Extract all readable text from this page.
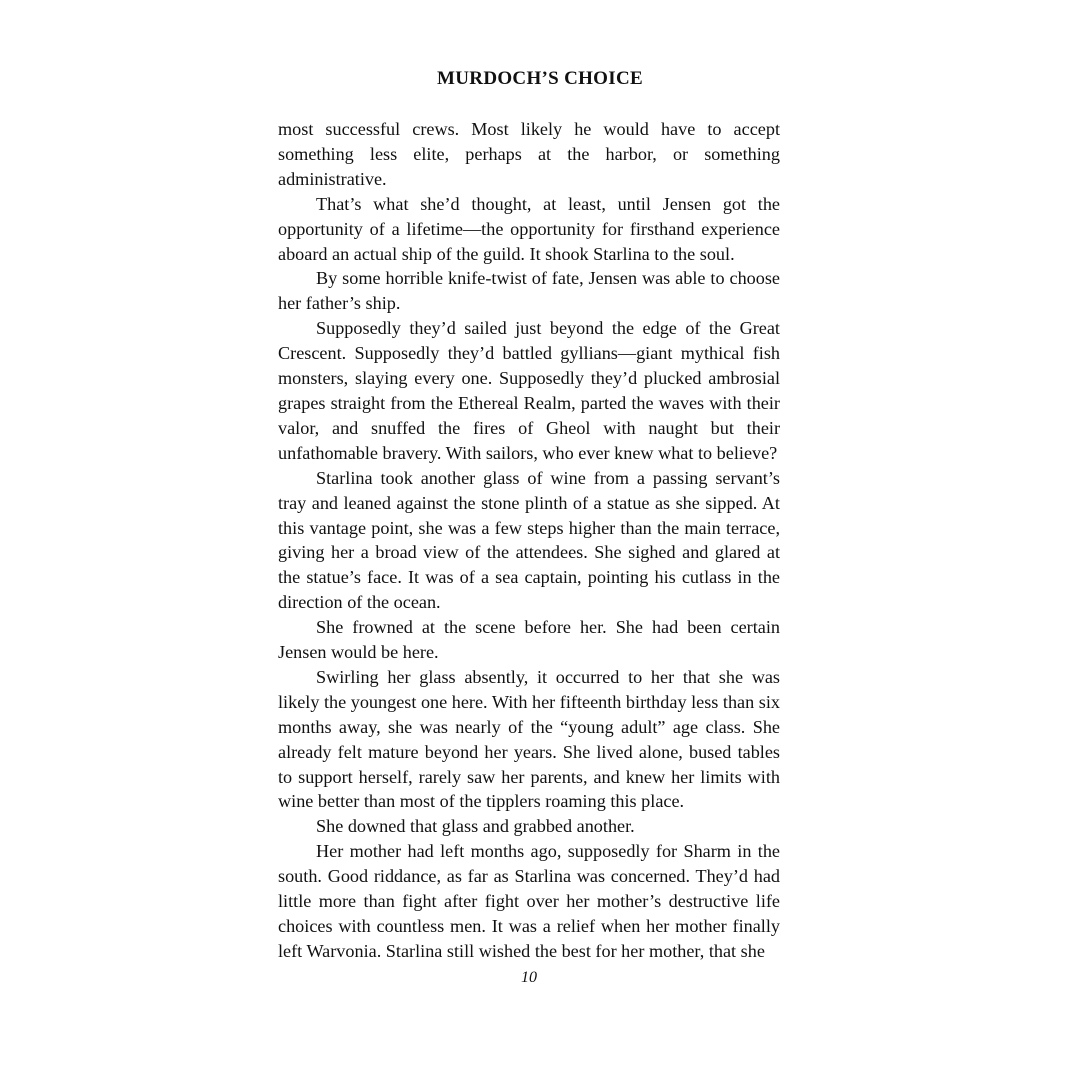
MURDOCH’S CHOICE

most successful crews. Most likely he would have to accept something less elite, perhaps at the harbor, or something administrative.

That’s what she’d thought, at least, until Jensen got the opportunity of a lifetime—the opportunity for firsthand experience aboard an actual ship of the guild. It shook Starlina to the soul.

By some horrible knife-twist of fate, Jensen was able to choose her father’s ship.

Supposedly they’d sailed just beyond the edge of the Great Crescent. Supposedly they’d battled gyllians—giant mythical fish monsters, slaying every one. Supposedly they’d plucked ambrosial grapes straight from the Ethereal Realm, parted the waves with their valor, and snuffed the fires of Gheol with naught but their unfathomable bravery. With sailors, who ever knew what to believe?

Starlina took another glass of wine from a passing servant’s tray and leaned against the stone plinth of a statue as she sipped. At this vantage point, she was a few steps higher than the main terrace, giving her a broad view of the attendees. She sighed and glared at the statue’s face. It was of a sea captain, pointing his cutlass in the direction of the ocean.

She frowned at the scene before her. She had been certain Jensen would be here.

Swirling her glass absently, it occurred to her that she was likely the youngest one here. With her fifteenth birthday less than six months away, she was nearly of the “young adult” age class. She already felt mature beyond her years. She lived alone, bused tables to support herself, rarely saw her parents, and knew her limits with wine better than most of the tipplers roaming this place.

She downed that glass and grabbed another.

Her mother had left months ago, supposedly for Sharm in the south. Good riddance, as far as Starlina was concerned. They’d had little more than fight after fight over her mother’s destructive life choices with countless men. It was a relief when her mother finally left Warvonia. Starlina still wished the best for her mother, that she

10
